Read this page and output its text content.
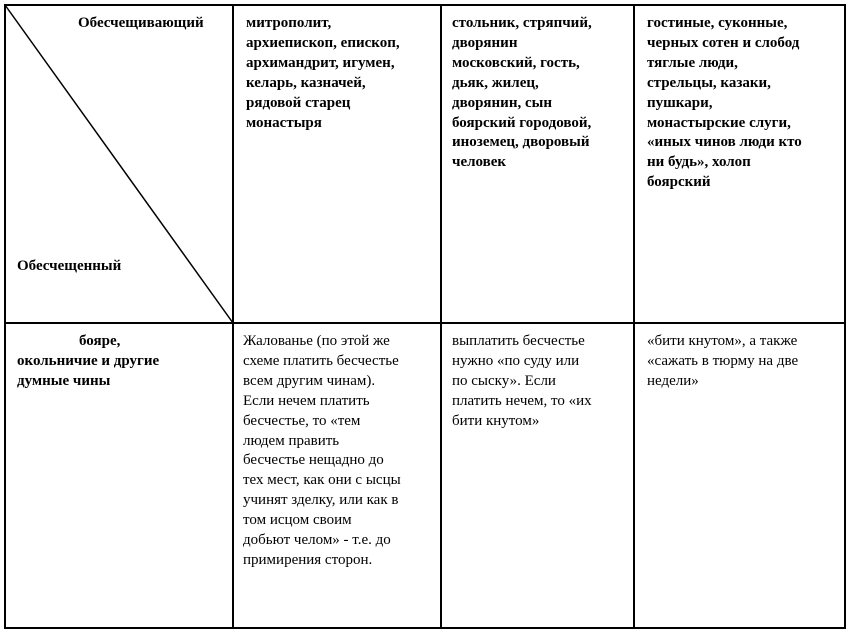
Обесчещивающий
Обесчещенный
митрополит,
архиепископ, епископ,
архимандрит, игумен,
келарь, казначей,
рядовой старец
монастыря
стольник, стряпчий,
дворянин
московский, гость,
дьяк, жилец,
дворянин, сын
боярский городовой,
иноземец, дворовый
человек
гостиные, суконные,
черных сотен и слобод
тяглые люди,
стрельцы, казаки,
пушкари,
монастырские слуги,
«иных чинов люди кто
ни будь», холоп
боярский
бояре,
окольничие и другие
думные чины
Жалованье (по этой же
схеме платить бесчестье
всем другим чинам).
Если нечем платить
бесчестье, то «тем
людем править
бесчестье нещадно до
тех мест, как они с ысцы
учинят зделку, или как в
том исцом своим
добьют челом» - т.е. до
примирения сторон.
выплатить бесчестье
нужно «по суду или
по сыску». Если
платить нечем, то «их
бити кнутом»
«бити кнутом», а также
«сажать в тюрму на две
недели»
